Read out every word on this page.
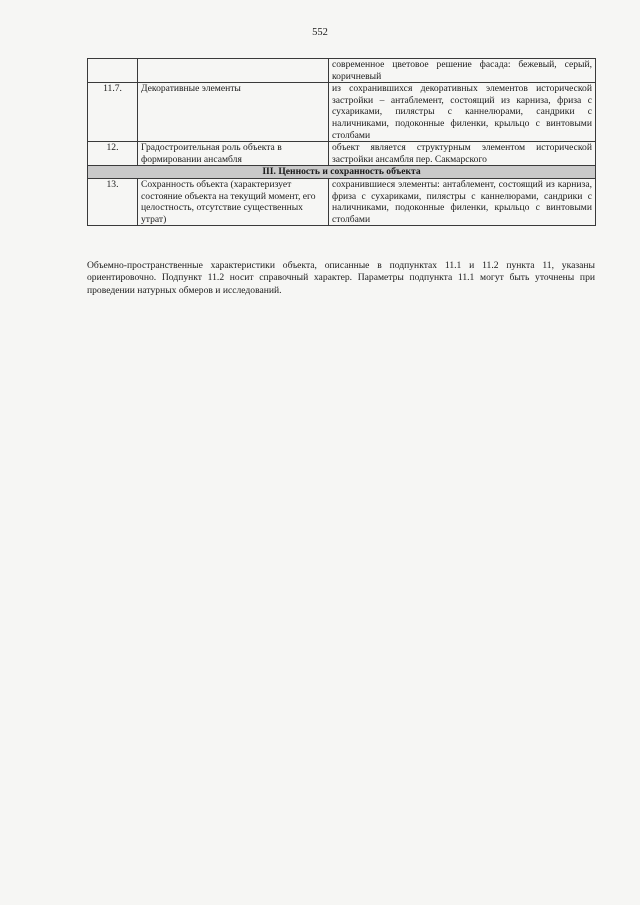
552
		современное цветовое решение фасада: бежевый, серый, коричневый
11.7.	Декоративные элементы	из сохранившихся декоративных элементов исторической застройки – антаблемент, состоящий из карниза, фриза с сухариками, пилястры с каннелюрами, сандрики с наличниками, подоконные филенки, крыльцо с винтовыми столбами
12.	Градостроительная роль объекта в формировании ансамбля	объект является структурным элементом исторической застройки ансамбля пер. Сакмарского
III. Ценность и сохранность объекта		
13.	Сохранность объекта (характеризует состояние объекта на текущий момент, его целостность, отсутствие существенных утрат)	сохранившиеся элементы: антаблемент, состоящий из карниза, фриза с сухариками, пилястры с каннелюрами, сандрики с наличниками, подоконные филенки, крыльцо с винтовыми столбами

Объемно-пространственные характеристики объекта, описанные в подпунктах 11.1 и 11.2 пункта 11, указаны ориентировочно. Подпункт 11.2 носит справочный характер. Параметры подпункта 11.1 могут быть уточнены при проведении натурных обмеров и исследований.
